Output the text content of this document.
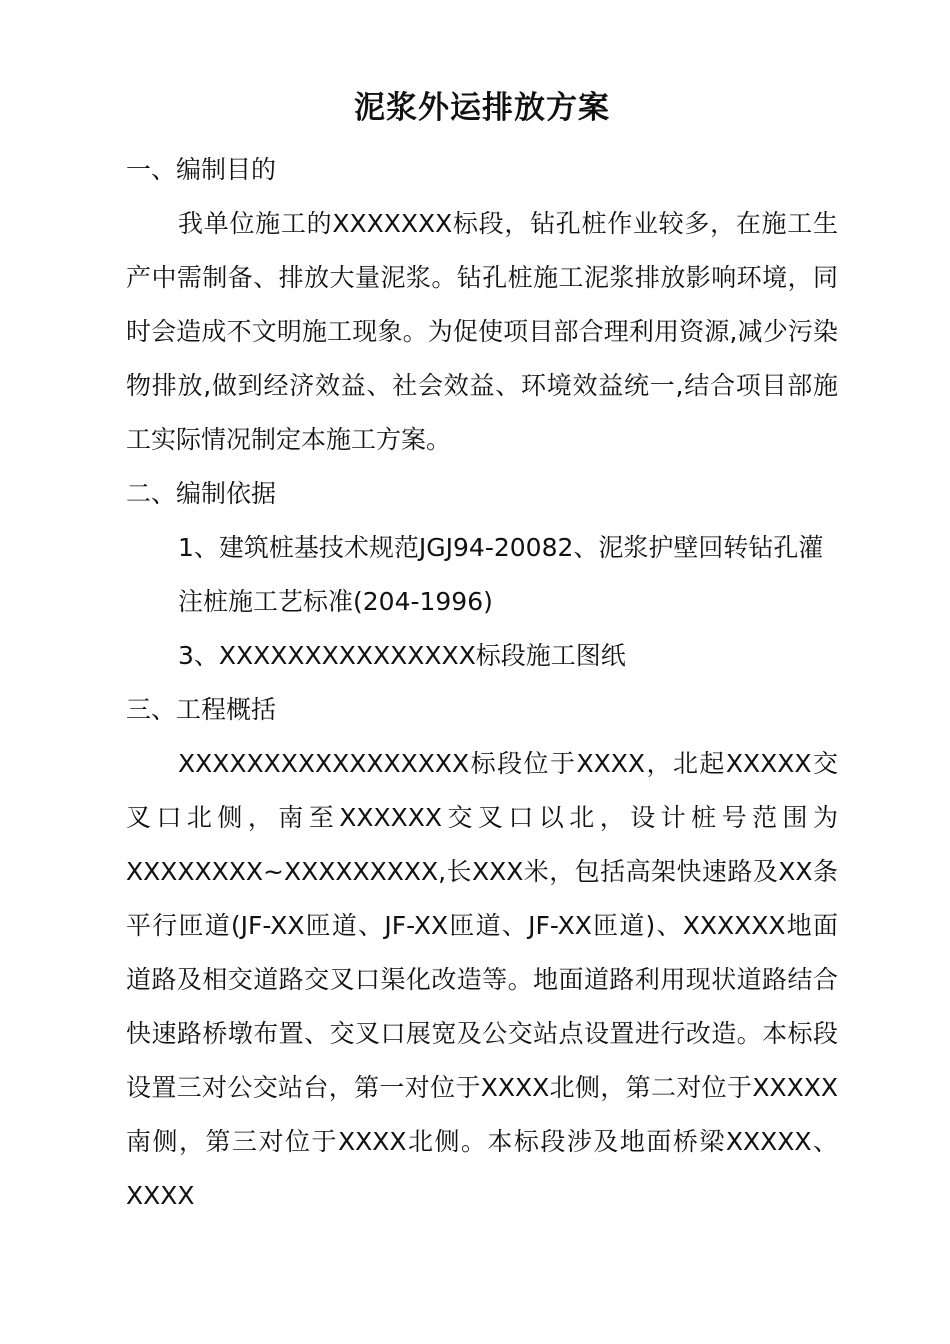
泥浆外运排放方案
一、编制目的
我单位施工的XXXXXXX标段，钻孔桩作业较多，在施工生产中需制备、排放大量泥浆。钻孔桩施工泥浆排放影响环境，同时会造成不文明施工现象。为促使项目部合理利用资源,减少污染物排放,做到经济效益、社会效益、环境效益统一,结合项目部施工实际情况制定本施工方案。
二、编制依据
1、建筑桩基技术规范JGJ94-20082、泥浆护壁回转钻孔灌注桩施工艺标准(204-1996)
3、XXXXXXXXXXXXXXX标段施工图纸
三、工程概括
XXXXXXXXXXXXXXXXX标段位于XXXX，北起XXXXX交叉口北侧，南至XXXXXX交叉口以北，设计桩号范围为XXXXXXXX~XXXXXXXXX,长XXX米，包括高架快速路及XX条平行匝道(JF-XX匝道、JF-XX匝道、JF-XX匝道)、XXXXXX地面道路及相交道路交叉口渠化改造等。地面道路利用现状道路结合快速路桥墩布置、交叉口展宽及公交站点设置进行改造。本标段设置三对公交站台，第一对位于XXXX北侧，第二对位于XXXXX南侧，第三对位于XXXX北侧。本标段涉及地面桥梁XXXXX、XXXX
